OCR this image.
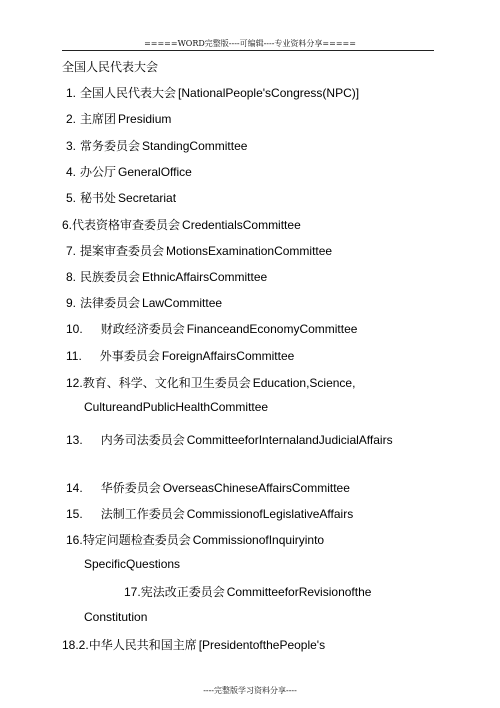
=====WORD完整版----可编辑----专业资料分享=====
全国人民代表大会
1. 全国人民代表大会 [NationalPeople'sCongress(NPC)]
2. 主席团 Presidium
3. 常务委员会 StandingCommittee
4. 办公厅 GeneralOffice
5. 秘书处 Secretariat
6.代表资格审查委员会 CredentialsCommittee
7. 提案审查委员会 MotionsExaminationCommittee
8. 民族委员会 EthnicAffairsCommittee
9. 法律委员会 LawCommittee
10. 财政经济委员会 FinanceandEconomyCommittee
11. 外事委员会 ForeignAffairsCommittee
12.教育、科学、文化和卫生委员会 Education,Science,
CultureandPublicHealthCommittee
13. 内务司法委员会 CommitteeforInternalandJudicialAffairs
14. 华侨委员会 OverseasChineseAffairsCommittee
15. 法制工作委员会 CommissionofLegislativeAffairs
16.特定问题检查委员会 CommissionofInquiryinto
SpecificQuestions
17.宪法改正委员会 CommitteeforRevisionofthe
Constitution
18.2.中华人民共和国主席 [PresidentofthePeople's
----完整版学习资料分享----
